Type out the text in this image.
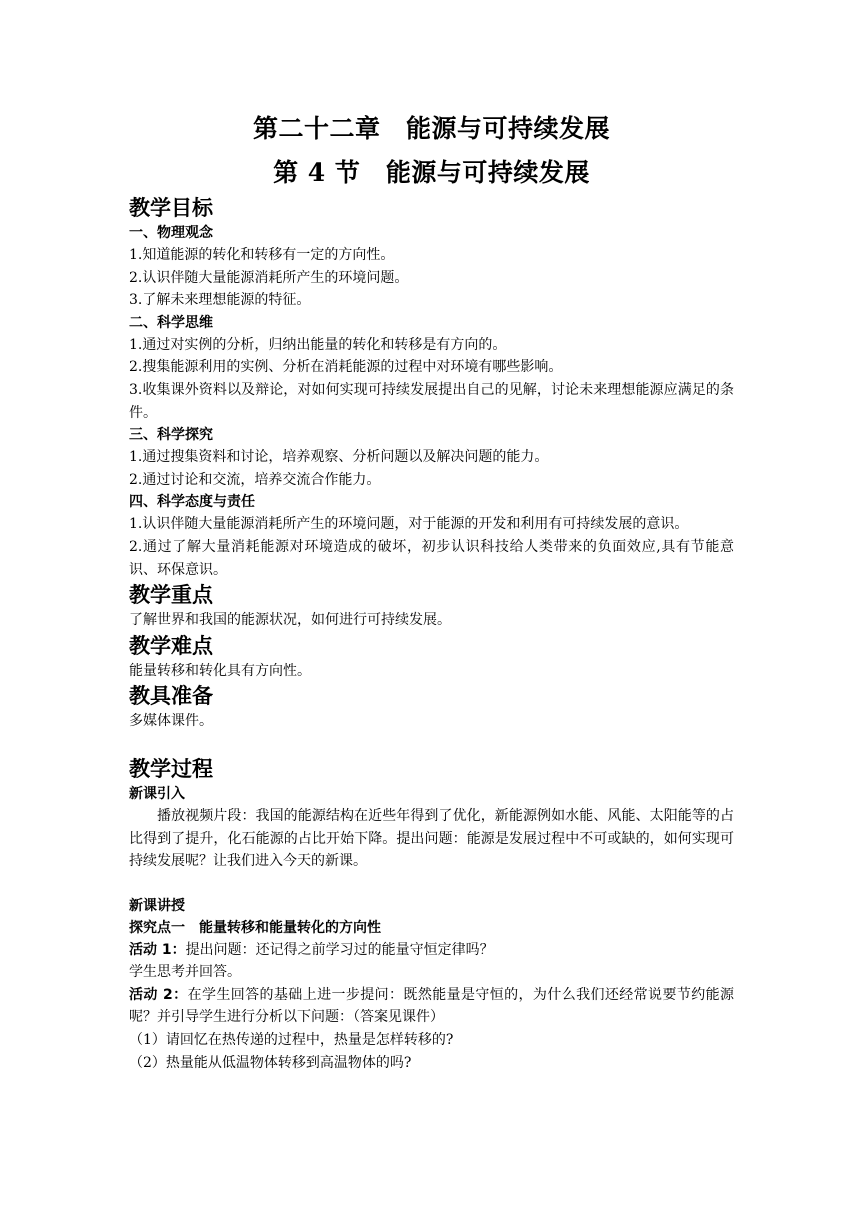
第二十二章　能源与可持续发展

第 4 节　能源与可持续发展

教学目标

一、物理观念

1.知道能源的转化和转移有一定的方向性。

2.认识伴随大量能源消耗所产生的环境问题。

3.了解未来理想能源的特征。

二、科学思维

1.通过对实例的分析，归纳出能量的转化和转移是有方向的。

2.搜集能源利用的实例、分析在消耗能源的过程中对环境有哪些影响。

3.收集课外资料以及辩论，对如何实现可持续发展提出自己的见解，讨论未来理想能源应满足的条件。

三、科学探究

1.通过搜集资料和讨论，培养观察、分析问题以及解决问题的能力。

2.通过讨论和交流，培养交流合作能力。

四、科学态度与责任

1.认识伴随大量能源消耗所产生的环境问题，对于能源的开发和利用有可持续发展的意识。

2.通过了解大量消耗能源对环境造成的破坏，初步认识科技给人类带来的负面效应,具有节能意识、环保意识。

教学重点

了解世界和我国的能源状况，如何进行可持续发展。

教学难点

能量转移和转化具有方向性。

教具准备

多媒体课件。

教学过程

新课引入

播放视频片段：我国的能源结构在近些年得到了优化，新能源例如水能、风能、太阳能等的占比得到了提升，化石能源的占比开始下降。提出问题：能源是发展过程中不可或缺的，如何实现可持续发展呢？让我们进入今天的新课。

新课讲授

探究点一　能量转移和能量转化的方向性

活动 1：提出问题：还记得之前学习过的能量守恒定律吗？

学生思考并回答。

活动 2：在学生回答的基础上进一步提问：既然能量是守恒的，为什么我们还经常说要节约能源呢？并引导学生进行分析以下问题：（答案见课件）

（1）请回忆在热传递的过程中，热量是怎样转移的?

（2）热量能从低温物体转移到高温物体的吗?
